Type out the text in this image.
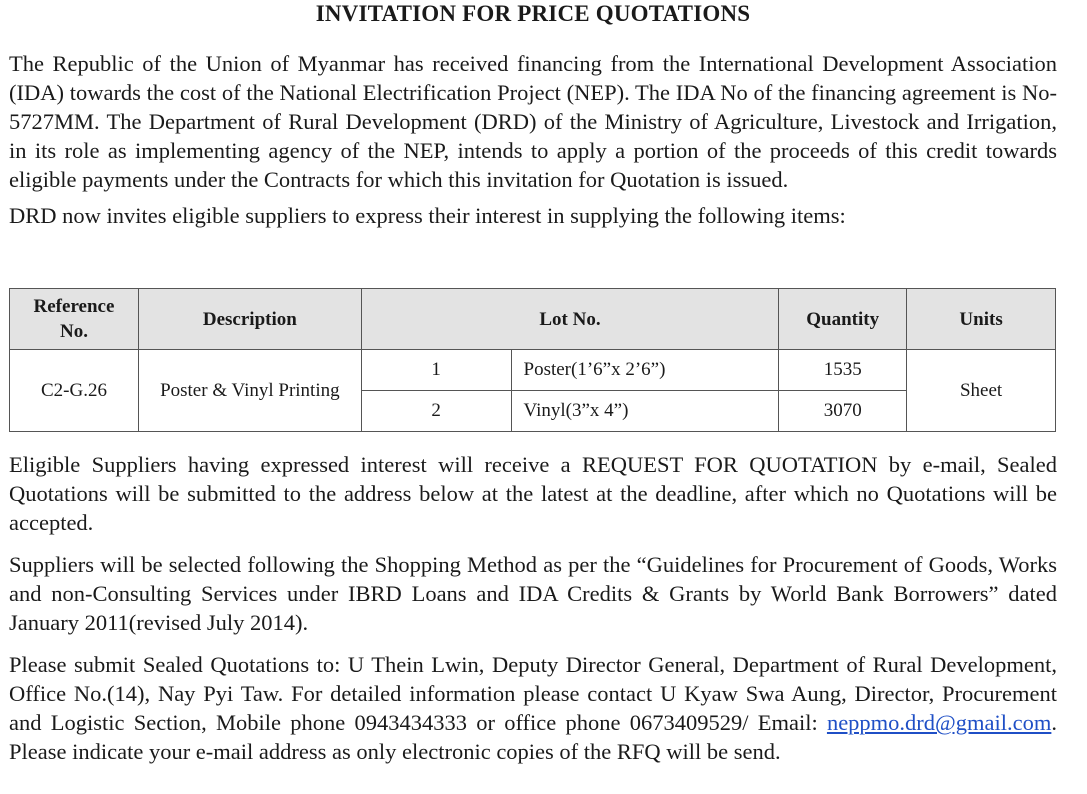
INVITATION FOR PRICE QUOTATIONS

The Republic of the Union of Myanmar has received financing from the International Development Association (IDA) towards the cost of the National Electrification Project (NEP). The IDA No of the financing agreement is No-5727MM. The Department of Rural Development (DRD) of the Ministry of Agriculture, Livestock and Irrigation, in its role as implementing agency of the NEP, intends to apply a portion of the proceeds of this credit towards eligible payments under the Contracts for which this invitation for Quotation is issued.

DRD now invites eligible suppliers to express their interest in supplying the following items:

Reference No.	Description	Lot No.		Quantity	Units
C2-G.26	Poster & Vinyl Printing	1	Poster(1’6”x 2’6”)	1535	Sheet
		2	Vinyl(3”x 4”)	3070	

Eligible Suppliers having expressed interest will receive a REQUEST FOR QUOTATION by e-mail, Sealed Quotations will be submitted to the address below at the latest at the deadline, after which no Quotations will be accepted.

Suppliers will be selected following the Shopping Method as per the “Guidelines for Procurement of Goods, Works and non-Consulting Services under IBRD Loans and IDA Credits & Grants by World Bank Borrowers” dated January 2011(revised July 2014).

Please submit Sealed Quotations to: U Thein Lwin, Deputy Director General, Department of Rural Development, Office No.(14), Nay Pyi Taw. For detailed information please contact U Kyaw Swa Aung, Director, Procurement and Logistic Section, Mobile phone 0943434333 or office phone 0673409529/ Email: neppmo.drd@gmail.com. Please indicate your e-mail address as only electronic copies of the RFQ will be send.
